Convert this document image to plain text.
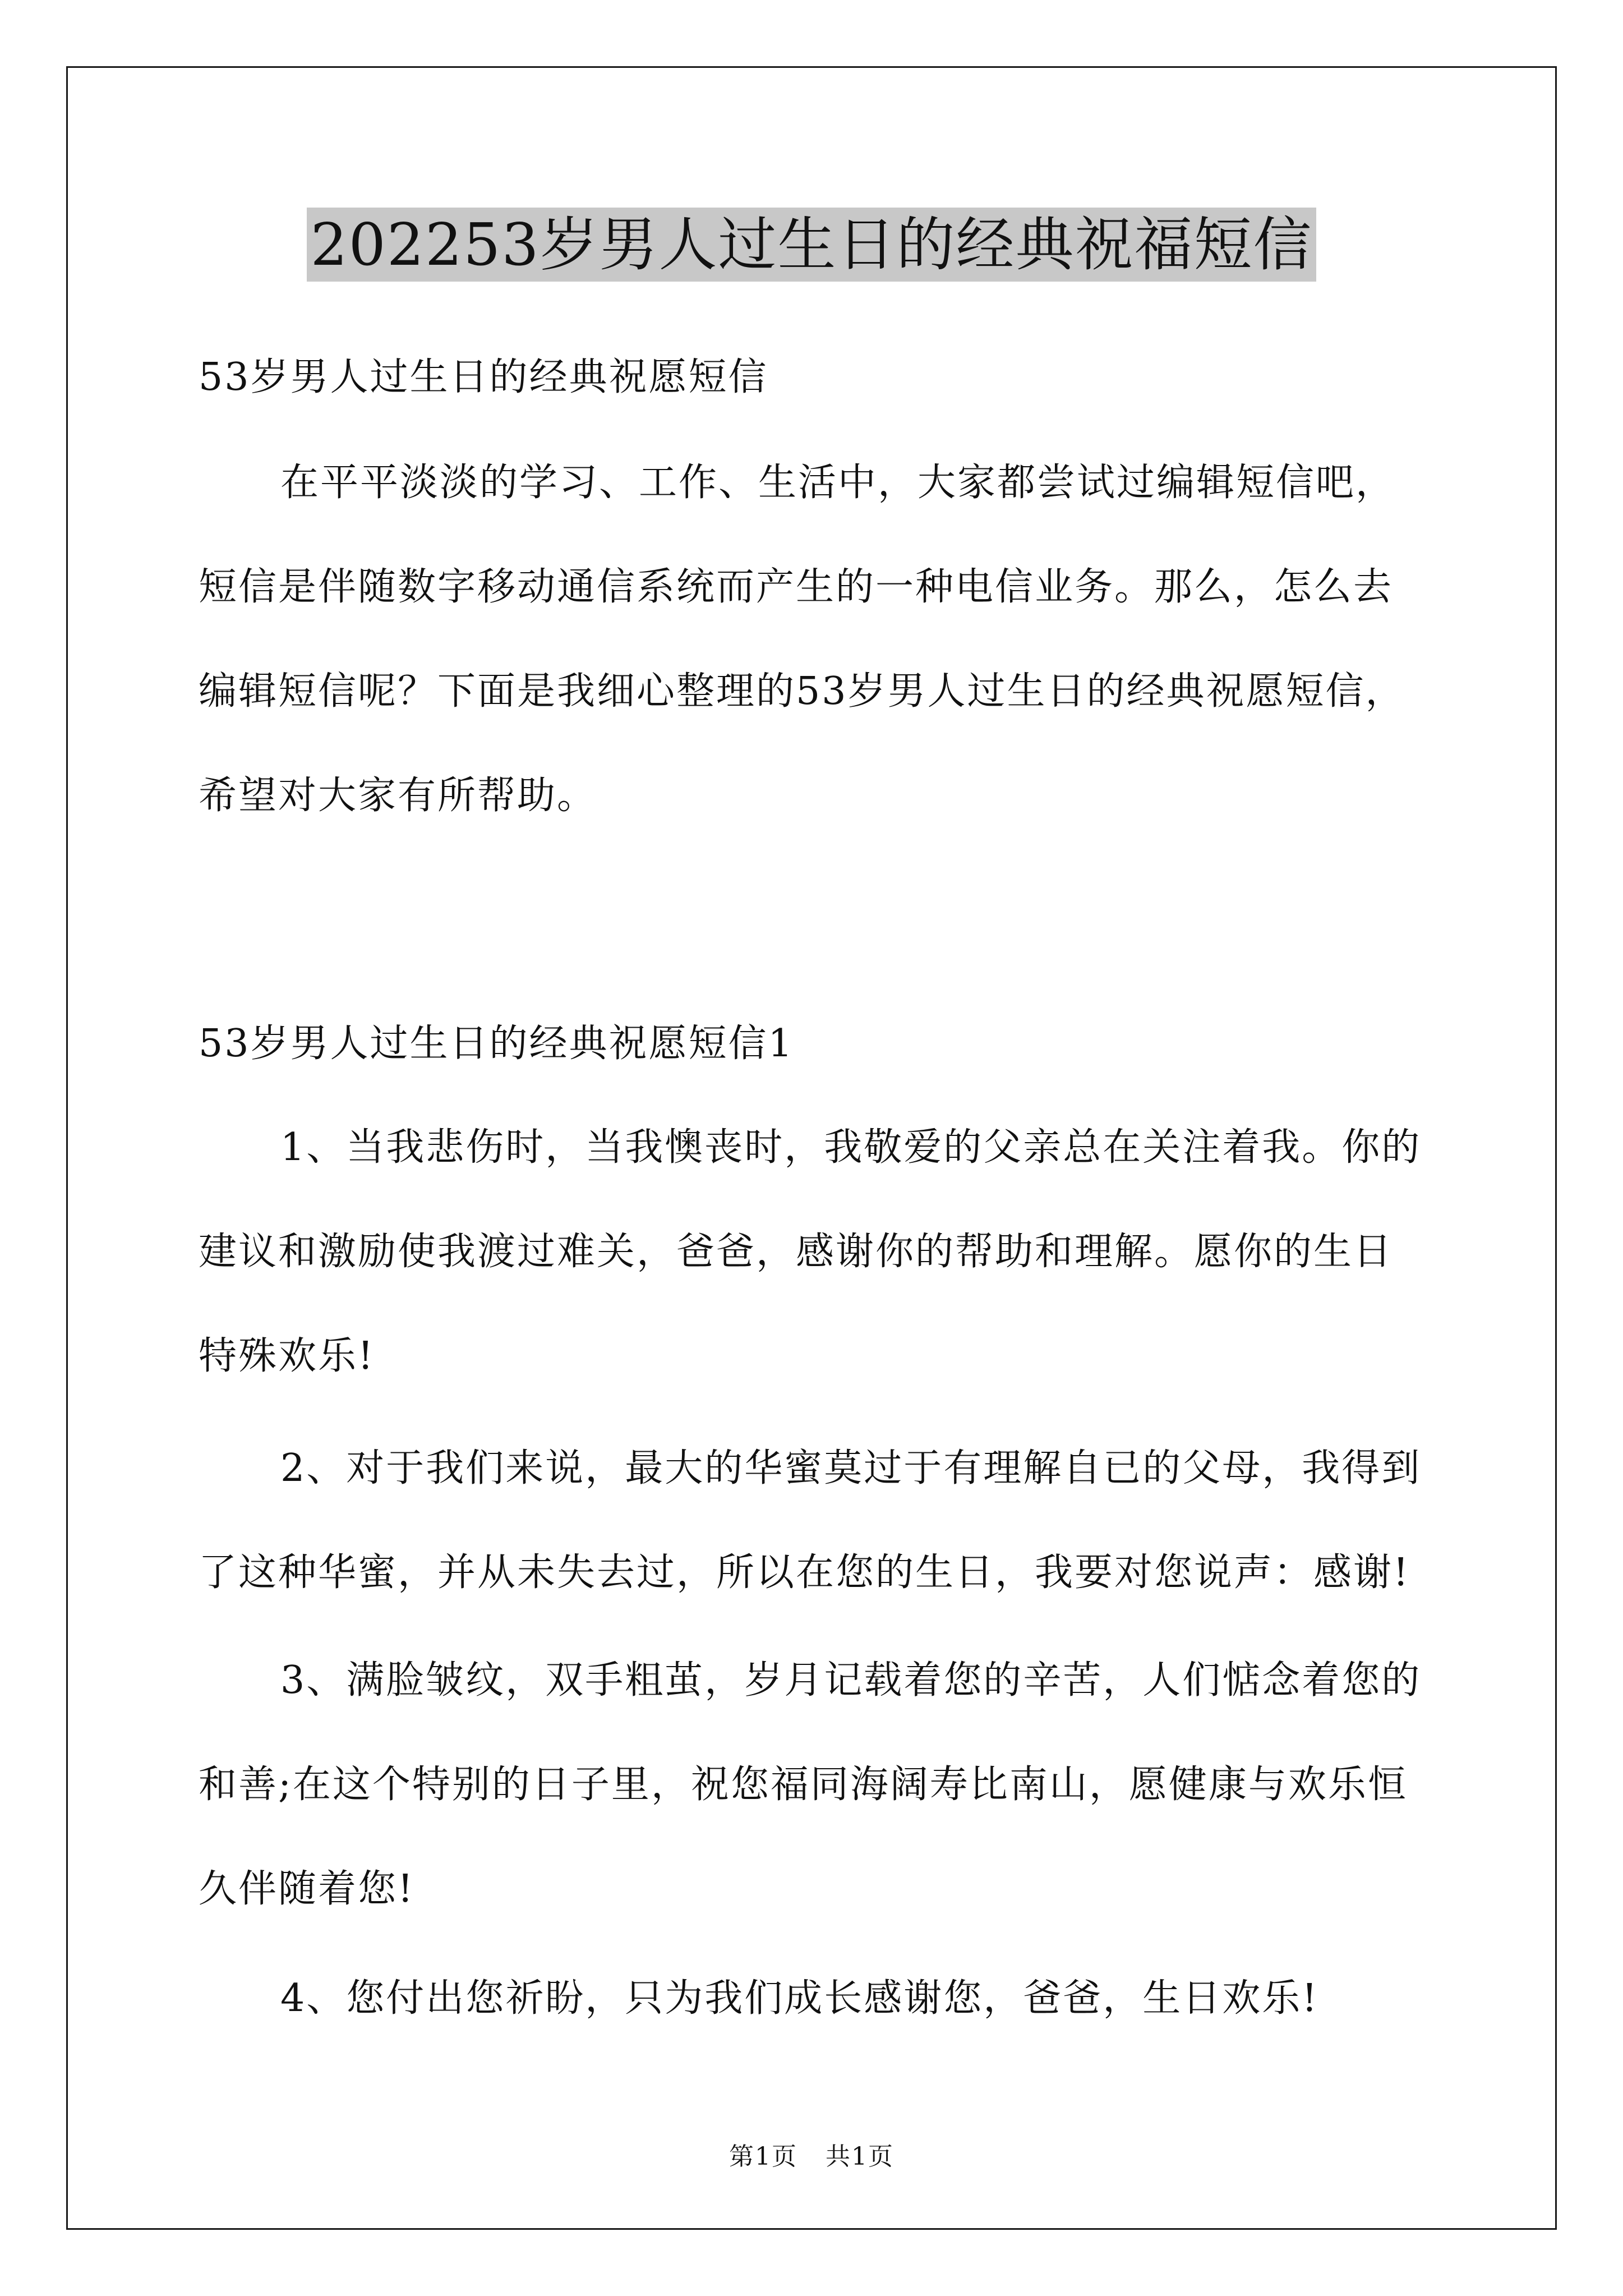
202253岁男人过生日的经典祝福短信

53岁男人过生日的经典祝愿短信

在平平淡淡的学习、工作、生活中，大家都尝试过编辑短信吧，
短信是伴随数字移动通信系统而产生的一种电信业务。那么，怎么去
编辑短信呢？下面是我细心整理的53岁男人过生日的经典祝愿短信，
希望对大家有所帮助。

53岁男人过生日的经典祝愿短信1

1、当我悲伤时，当我懊丧时，我敬爱的父亲总在关注着我。你的
建议和激励使我渡过难关，爸爸，感谢你的帮助和理解。愿你的生日
特殊欢乐!
2、对于我们来说，最大的华蜜莫过于有理解自已的父母，我得到
了这种华蜜，并从未失去过，所以在您的生日，我要对您说声：感谢!
3、满脸皱纹，双手粗茧，岁月记载着您的辛苦，人们惦念着您的
和善;在这个特别的日子里，祝您福同海阔寿比南山，愿健康与欢乐恒
久伴随着您!
4、您付出您祈盼，只为我们成长感谢您，爸爸，生日欢乐!
第1页 共1页
